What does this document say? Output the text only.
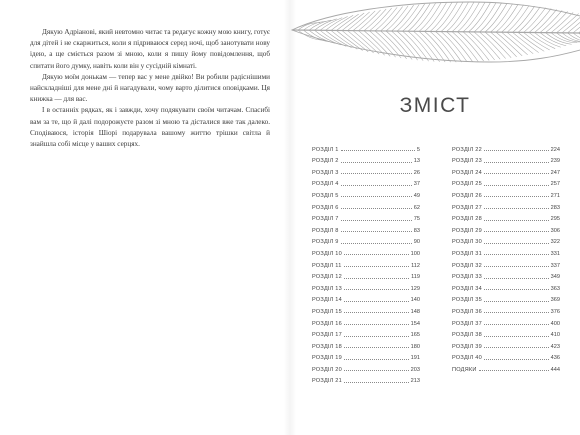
Дякую Адріанові, який невтомно читає та редагує кожну мою книгу, готує для дітей і не скаржиться, коли я підриваюся серед ночі, щоб занотувати нову ідею, а ще сміється разом зі мною, коли я пишу йому повідомлення, щоб спитати його думку, навіть коли він у сусідній кімнаті.

Дякую моїм донькам — тепер вас у мене двійко! Ви робили радіснішими найскладніші для мене дні й нагадували, чому варто ділитися оповідками. Ця книжка — для вас.

І в останніх рядках, як і завжди, хочу подякувати своїм читачам. Спасибі вам за те, що й далі подорожуєте разом зі мною та дісталися вже так далеко. Сподіваюся, історія Шіорі подарувала вашому життю трішки світла й знайшла собі місце у ваших серцях.

ЗМІСТ
РОЗДІЛ 1	5
РОЗДІЛ 2	13
РОЗДІЛ 3	26
РОЗДІЛ 4	37
РОЗДІЛ 5	49
РОЗДІЛ 6	62
РОЗДІЛ 7	75
РОЗДІЛ 8	83
РОЗДІЛ 9	90
РОЗДІЛ 10	100
РОЗДІЛ 11	112
РОЗДІЛ 12	119
РОЗДІЛ 13	129
РОЗДІЛ 14	140
РОЗДІЛ 15	148
РОЗДІЛ 16	154
РОЗДІЛ 17	165
РОЗДІЛ 18	180
РОЗДІЛ 19	191
РОЗДІЛ 20	203
РОЗДІЛ 21	213
РОЗДІЛ 22	224
РОЗДІЛ 23	239
РОЗДІЛ 24	247
РОЗДІЛ 25	257
РОЗДІЛ 26	271
РОЗДІЛ 27	283
РОЗДІЛ 28	295
РОЗДІЛ 29	306
РОЗДІЛ 30	322
РОЗДІЛ 31	331
РОЗДІЛ 32	337
РОЗДІЛ 33	349
РОЗДІЛ 34	363
РОЗДІЛ 35	369
РОЗДІЛ 36	376
РОЗДІЛ 37	400
РОЗДІЛ 38	410
РОЗДІЛ 39	423
РОЗДІЛ 40	436
ПОДЯКИ	444
